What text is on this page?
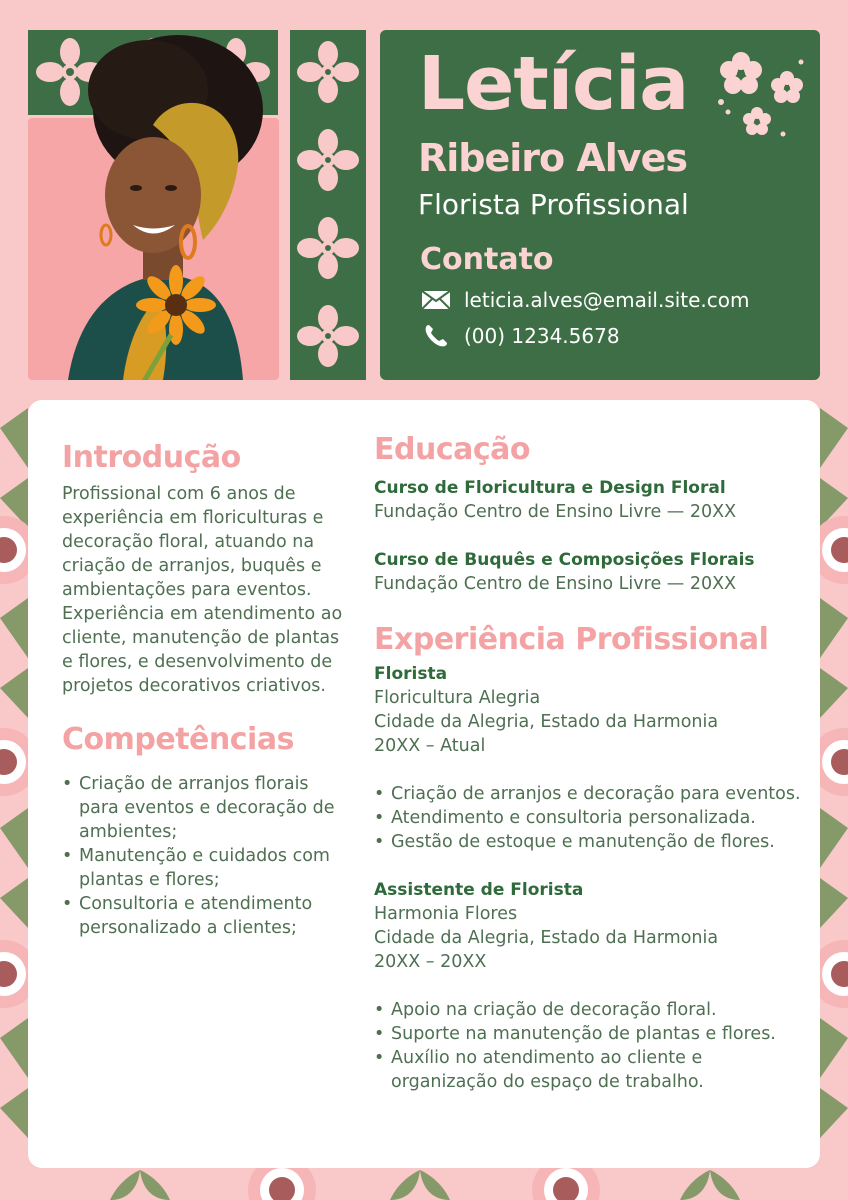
Letícia
Ribeiro Alves
Florista Profissional
Contato
leticia.alves@email.site.com
(00) 1234.5678
Introdução

Profissional com 6 anos de experiência em floriculturas e decoração floral, atuando na criação de arranjos, buquês e ambientações para eventos. Experiência em atendimento ao cliente, manutenção de plantas e flores, e desenvolvimento de projetos decorativos criativos.

Competências
• Criação de arranjos florais para eventos e decoração de ambientes;
• Manutenção e cuidados com plantas e flores;
• Consultoria e atendimento personalizado a clientes;
Educação

Curso de Floricultura e Design Floral

Fundação Centro de Ensino Livre — 20XX

Curso de Buquês e Composições Florais

Fundação Centro de Ensino Livre — 20XX

Experiência Profissional

Florista

Floricultura Alegria

Cidade da Alegria, Estado da Harmonia

20XX – Atual

• Criação de arranjos e decoração para eventos.
• Atendimento e consultoria personalizada.
• Gestão de estoque e manutenção de flores.

Assistente de Florista

Harmonia Flores

Cidade da Alegria, Estado da Harmonia

20XX – 20XX

• Apoio na criação de decoração floral.
• Suporte na manutenção de plantas e flores.
• Auxílio no atendimento ao cliente e organização do espaço de trabalho.
